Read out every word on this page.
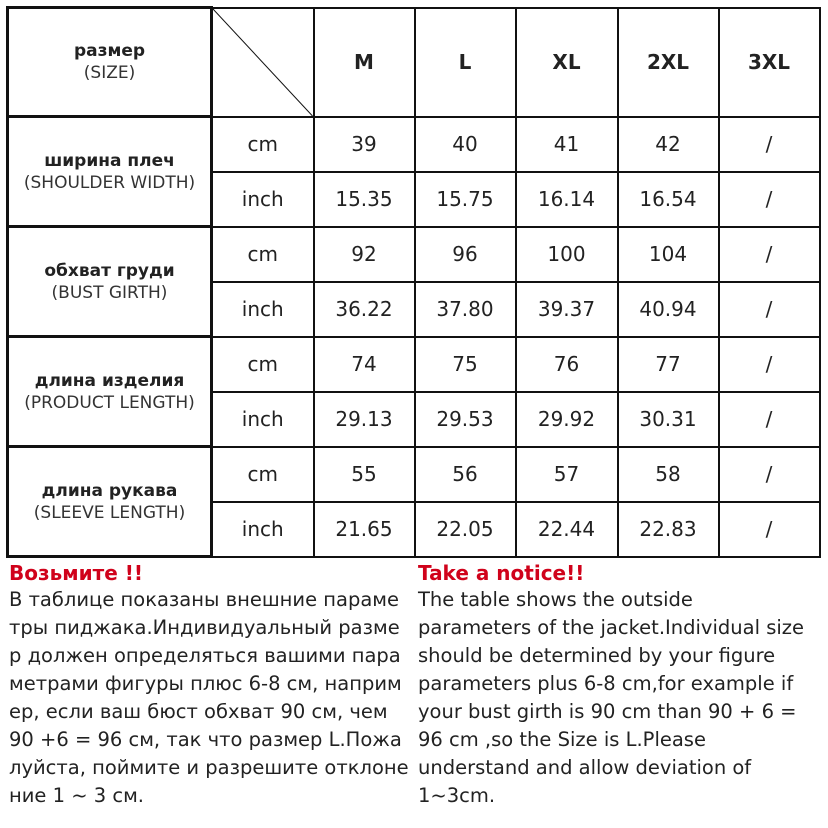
размер
(SIZE)		M	L	XL	2XL	3XL

ширина плеч
(SHOULDER WIDTH)	cm	39	40	41	42	/
	inch	15.35	15.75	16.14	16.54	/

обхват груди
(BUST GIRTH)	cm	92	96	100	104	/
	inch	36.22	37.80	39.37	40.94	/

длина изделия
(PRODUCT LENGTH)	cm	74	75	76	77	/
	inch	29.13	29.53	29.92	30.31	/

длина рукава
(SLEEVE LENGTH)	cm	55	56	57	58	/
	inch	21.65	22.05	22.44	22.83	/
Возьмите !!
В таблице показаны внешние параме
тры пиджака.Индивидуальный разме
р должен определяться вашими пара
метрами фигуры плюс 6-8 см, наприм
ер, если ваш бюст обхват 90 см, чем
90 +6 = 96 см, так что размер L.Пожа
луйста, поймите и разрешите отклоне
ние 1 ~ 3 см.
Take a notice!!
The table shows the outside
parameters of the jacket.Individual size
should be determined by your figure
parameters plus 6-8 cm,for example if
your bust girth is 90 cm than 90 + 6 =
96 cm ,so the Size is L.Please
understand and allow deviation of
1~3cm.
